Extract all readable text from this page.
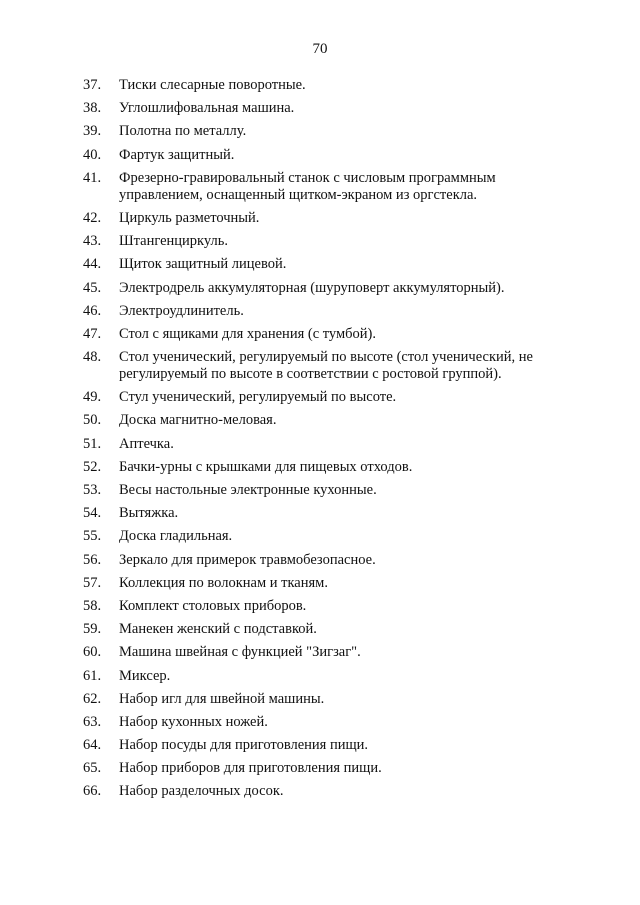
70
37.	Тиски слесарные поворотные.
38.	Углошлифовальная машина.
39.	Полотна по металлу.
40.	Фартук защитный.
41.	Фрезерно-гравировальный станок с числовым программным управлением, оснащенный щитком-экраном из оргстекла.
42.	Циркуль разметочный.
43.	Штангенциркуль.
44.	Щиток защитный лицевой.
45.	Электродрель аккумуляторная (шуруповерт аккумуляторный).
46.	Электроудлинитель.
47.	Стол с ящиками для хранения (с тумбой).
48.	Стол ученический, регулируемый по высоте (стол ученический, не регулируемый по высоте в соответствии с ростовой группой).
49.	Стул ученический, регулируемый по высоте.
50.	Доска магнитно-меловая.
51.	Аптечка.
52.	Бачки-урны с крышками для пищевых отходов.
53.	Весы настольные электронные кухонные.
54.	Вытяжка.
55.	Доска гладильная.
56.	Зеркало для примерок травмобезопасное.
57.	Коллекция по волокнам и тканям.
58.	Комплект столовых приборов.
59.	Манекен женский с подставкой.
60.	Машина швейная с функцией "Зигзаг".
61.	Миксер.
62.	Набор игл для швейной машины.
63.	Набор кухонных ножей.
64.	Набор посуды для приготовления пищи.
65.	Набор приборов для приготовления пищи.
66.	Набор разделочных досок.
